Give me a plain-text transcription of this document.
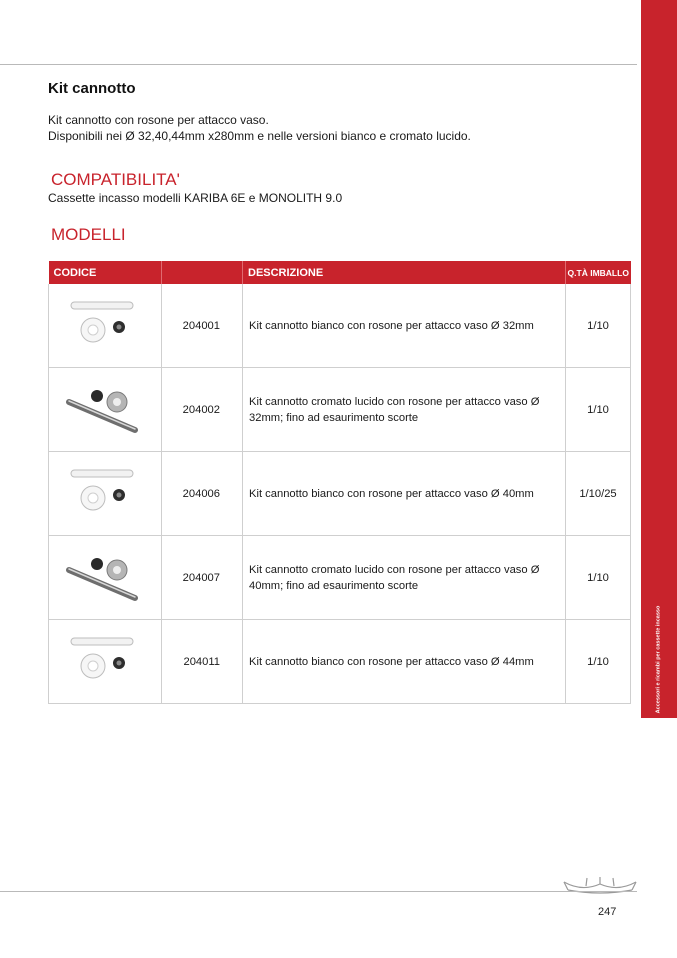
Accessori e ricambi per cassette incasso
Kit cannotto
Kit cannotto con rosone per attacco vaso.
Disponibili nei Ø 32,40,44mm x280mm e nelle versioni bianco e cromato lucido.
COMPATIBILITA'
Cassette incasso modelli KARIBA 6E e MONOLITH 9.0
MODELLI
CODICE		DESCRIZIONE	Q.TÀ IMBALLO

	204001	Kit cannotto bianco con rosone per attacco vaso Ø 32mm	1/10

	204002	Kit cannotto cromato lucido con rosone per attacco vaso Ø 32mm; fino ad esaurimento scorte	1/10

	204006	Kit cannotto bianco con rosone per attacco vaso Ø 40mm	1/10/25

	204007	Kit cannotto cromato lucido con rosone per attacco vaso Ø 40mm; fino ad esaurimento scorte	1/10

	204011	Kit cannotto bianco con rosone per attacco vaso Ø 44mm	1/10
247
